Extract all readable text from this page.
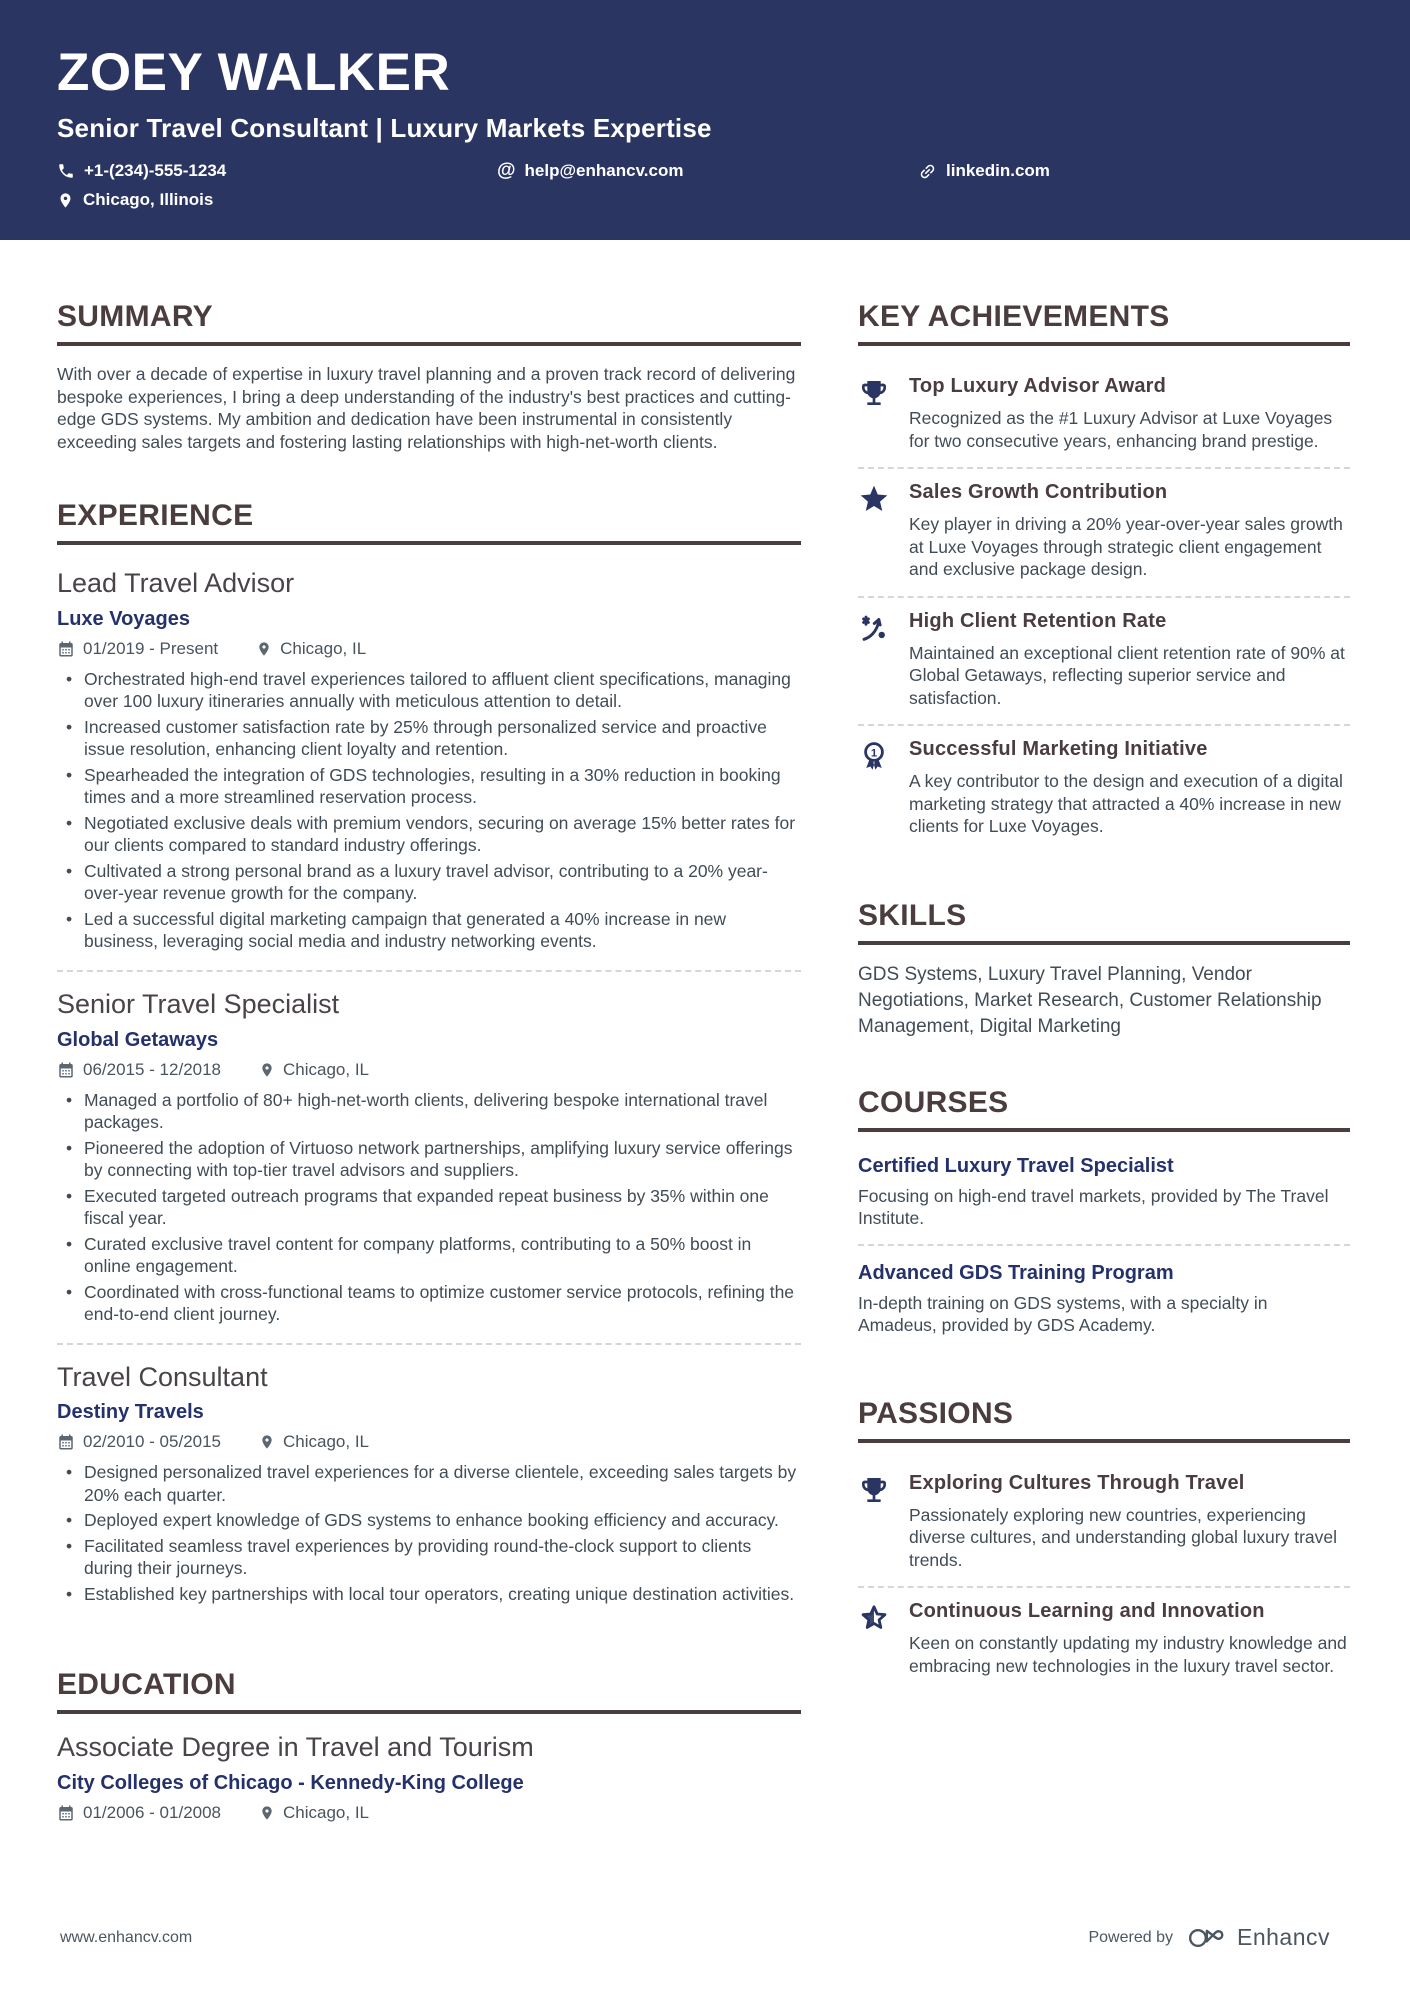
ZOEY WALKER
Senior Travel Consultant | Luxury Markets Expertise
+1-(234)-555-1234	@ help@enhancv.com	linkedin.com
Chicago, Illinois
SUMMARY

With over a decade of expertise in luxury travel planning and a proven track record of delivering bespoke experiences, I bring a deep understanding of the industry's best practices and cutting-edge GDS systems. My ambition and dedication have been instrumental in consistently exceeding sales targets and fostering lasting relationships with high-net-worth clients.

EXPERIENCE
Lead Travel Advisor
Luxe Voyages
01/2019 - Present	Chicago, IL
• Orchestrated high-end travel experiences tailored to affluent client specifications, managing over 100 luxury itineraries annually with meticulous attention to detail.
• Increased customer satisfaction rate by 25% through personalized service and proactive issue resolution, enhancing client loyalty and retention.
• Spearheaded the integration of GDS technologies, resulting in a 30% reduction in booking times and a more streamlined reservation process.
• Negotiated exclusive deals with premium vendors, securing on average 15% better rates for our clients compared to standard industry offerings.
• Cultivated a strong personal brand as a luxury travel advisor, contributing to a 20% year-over-year revenue growth for the company.
• Led a successful digital marketing campaign that generated a 40% increase in new business, leveraging social media and industry networking events.
Senior Travel Specialist
Global Getaways
06/2015 - 12/2018	Chicago, IL
• Managed a portfolio of 80+ high-net-worth clients, delivering bespoke international travel packages.
• Pioneered the adoption of Virtuoso network partnerships, amplifying luxury service offerings by connecting with top-tier travel advisors and suppliers.
• Executed targeted outreach programs that expanded repeat business by 35% within one fiscal year.
• Curated exclusive travel content for company platforms, contributing to a 50% boost in online engagement.
• Coordinated with cross-functional teams to optimize customer service protocols, refining the end-to-end client journey.
Travel Consultant
Destiny Travels
02/2010 - 05/2015	Chicago, IL
• Designed personalized travel experiences for a diverse clientele, exceeding sales targets by 20% each quarter.
• Deployed expert knowledge of GDS systems to enhance booking efficiency and accuracy.
• Facilitated seamless travel experiences by providing round-the-clock support to clients during their journeys.
• Established key partnerships with local tour operators, creating unique destination activities.
EDUCATION
Associate Degree in Travel and Tourism
City Colleges of Chicago - Kennedy-King College
01/2006 - 01/2008	Chicago, IL
KEY ACHIEVEMENTS
Top Luxury Advisor Award
Recognized as the #1 Luxury Advisor at Luxe Voyages for two consecutive years, enhancing brand prestige.
Sales Growth Contribution
Key player in driving a 20% year-over-year sales growth at Luxe Voyages through strategic client engagement and exclusive package design.
High Client Retention Rate
Maintained an exceptional client retention rate of 90% at Global Getaways, reflecting superior service and satisfaction.
1 Successful Marketing Initiative
A key contributor to the design and execution of a digital marketing strategy that attracted a 40% increase in new clients for Luxe Voyages.
SKILLS

GDS Systems, Luxury Travel Planning, Vendor Negotiations, Market Research, Customer Relationship Management, Digital Marketing

COURSES
Certified Luxury Travel Specialist
Focusing on high-end travel markets, provided by The Travel Institute.
Advanced GDS Training Program
In-depth training on GDS systems, with a specialty in Amadeus, provided by GDS Academy.
PASSIONS
Exploring Cultures Through Travel
Passionately exploring new countries, experiencing diverse cultures, and understanding global luxury travel trends.
Continuous Learning and Innovation
Keen on constantly updating my industry knowledge and embracing new technologies in the luxury travel sector.
www.enhancv.com	Powered by	Enhancv
